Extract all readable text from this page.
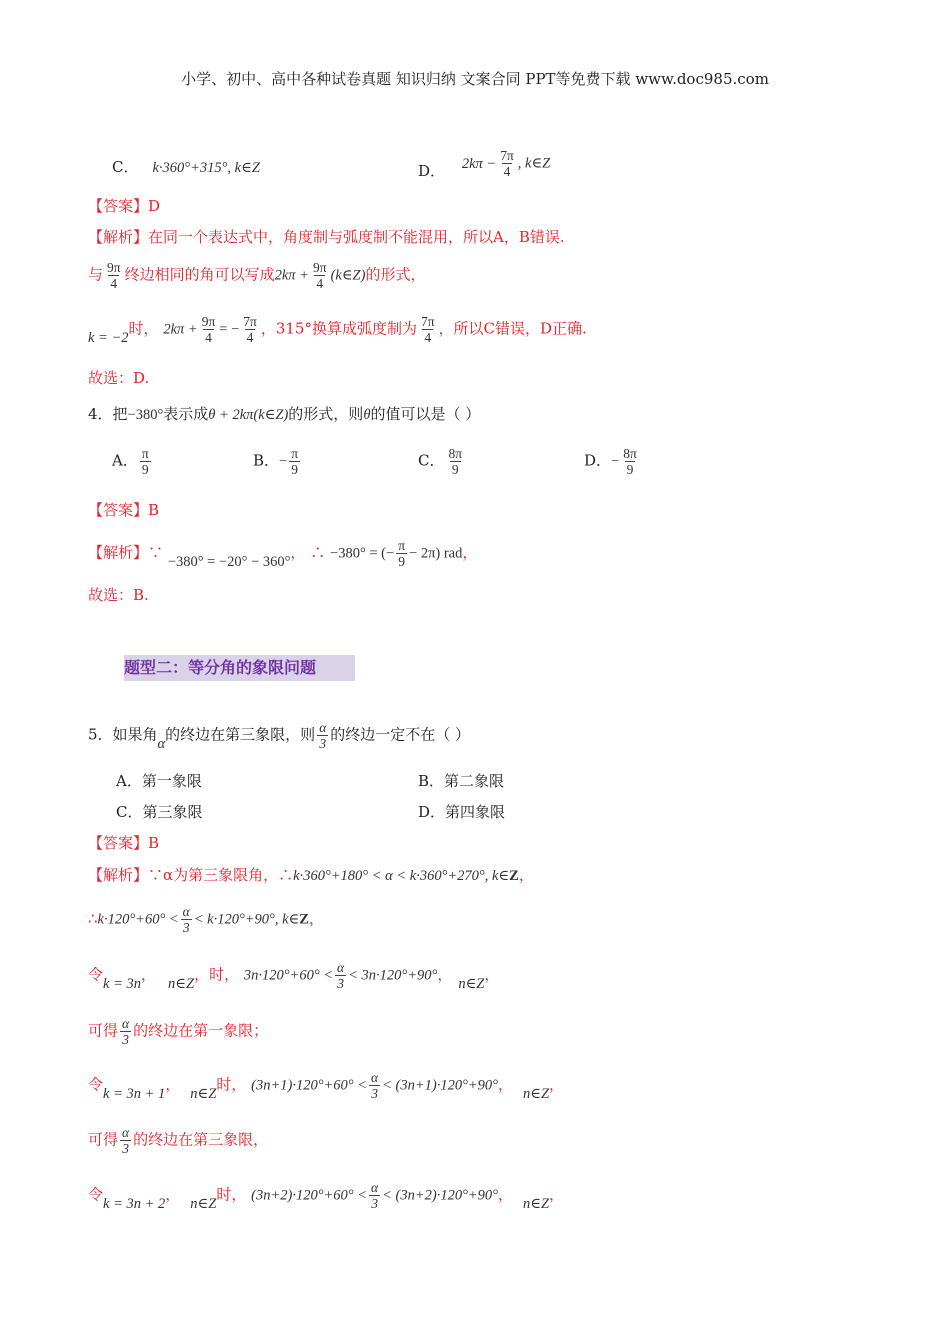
小学、初中、高中各种试卷真题 知识归纳 文案合同 PPT等免费下载 www.doc985.com
C． k·360°+315°, k∈Z	D． $2k\pi - \frac{7\pi}{4}$ , k∈Z
【答案】D
【解析】在同一个表达式中，角度制与弧度制不能混用，所以A，B错误.
与 $\frac{9\pi}{4}$ 终边相同的角可以写成$2k\pi + \frac{9\pi}{4}$ (k∈Z)的形式，
k = −2时， $2k\pi + \frac{9\pi}{4}$ = − $\frac{7\pi}{4}$ ，315°换算成弧度制为 $\frac{7\pi}{4}$ ，所以C错误，D正确.
故选：D.
4．把−380°表示成θ + 2kπ(k∈Z)的形式，则θ的值可以是（ ）
A． $\frac{\pi}{9}$	B．− $\frac{\pi}{9}$	C． $\frac{8\pi}{9}$	D．− $\frac{8\pi}{9}$
【答案】B
【解析】∵ −380° = −20° − 360°， ∴ −380° = (− $\frac{\pi}{9} - 2\pi$) rad，
故选：B.
题型二：等分角的象限问题
5．如果角α的终边在第三象限，则 $\frac{\alpha}{3}$ 的终边一定不在（ ）
A．第一象限	B．第二象限
C．第三象限	D．第四象限
【答案】B
【解析】∵α为第三象限角，∴k·360°+180° < α < k·360°+270°, k∈Z，
∴k·120°+60° < $\frac{\alpha}{3} < k\cdot 120^\circ+90^\circ$, k∈Z，
令k = 3n， n∈Z，时， $3n\cdot 120^\circ+60^\circ < \frac{\alpha}{3} < 3n\cdot 120^\circ+90^\circ$， n∈Z，
可得 $\frac{\alpha}{3}$ 的终边在第一象限；
令k = 3n + 1， n∈Z时， $(3n+1)\cdot 120^\circ+60^\circ < \frac{\alpha}{3} < (3n+1)\cdot 120^\circ+90^\circ$， n∈Z，
可得 $\frac{\alpha}{3}$ 的终边在第三象限，
令k = 3n + 2， n∈Z时， $(3n+2)\cdot 120^\circ+60^\circ < \frac{\alpha}{3} < (3n+2)\cdot 120^\circ+90^\circ$， n∈Z，
